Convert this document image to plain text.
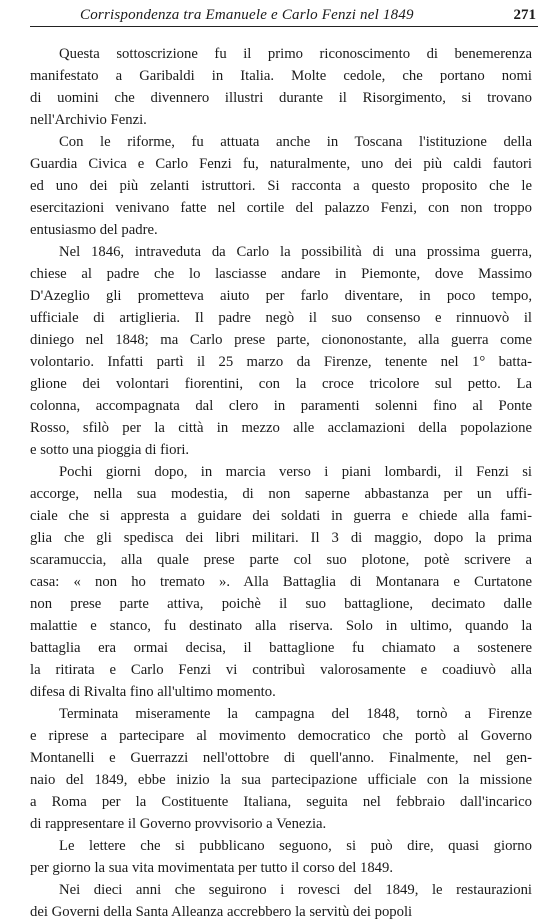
Corrispondenza tra Emanuele e Carlo Fenzi nel 1849	271
Questa sottoscrizione fu il primo riconoscimento di benemerenza
manifestato a Garibaldi in Italia. Molte cedole, che portano nomi
di uomini che divennero illustri durante il Risorgimento, si trovano
nell'Archivio Fenzi.
Con le riforme, fu attuata anche in Toscana l'istituzione della
Guardia Civica e Carlo Fenzi fu, naturalmente, uno dei più caldi fautori
ed uno dei più zelanti istruttori. Si racconta a questo proposito che le
esercitazioni venivano fatte nel cortile del palazzo Fenzi, con non troppo
entusiasmo del padre.
Nel 1846, intraveduta da Carlo la possibilità di una prossima guerra,
chiese al padre che lo lasciasse andare in Piemonte, dove Massimo
D'Azeglio gli prometteva aiuto per farlo diventare, in poco tempo,
ufficiale di artiglieria. Il padre negò il suo consenso e rinnuovò il
diniego nel 1848; ma Carlo prese parte, ciononostante, alla guerra come
volontario. Infatti partì il 25 marzo da Firenze, tenente nel 1° batta-
glione dei volontari fiorentini, con la croce tricolore sul petto. La
colonna, accompagnata dal clero in paramenti solenni fino al Ponte
Rosso, sfilò per la città in mezzo alle acclamazioni della popolazione
e sotto una pioggia di fiori.
Pochi giorni dopo, in marcia verso i piani lombardi, il Fenzi si
accorge, nella sua modestia, di non saperne abbastanza per un uffi-
ciale che si appresta a guidare dei soldati in guerra e chiede alla fami-
glia che gli spedisca dei libri militari. Il 3 di maggio, dopo la prima
scaramuccia, alla quale prese parte col suo plotone, potè scrivere a
casa: « non ho tremato ». Alla Battaglia di Montanara e Curtatone
non prese parte attiva, poichè il suo battaglione, decimato dalle
malattie e stanco, fu destinato alla riserva. Solo in ultimo, quando la
battaglia era ormai decisa, il battaglione fu chiamato a sostenere
la ritirata e Carlo Fenzi vi contribuì valorosamente e coadiuvò alla
difesa di Rivalta fino all'ultimo momento.
Terminata miseramente la campagna del 1848, tornò a Firenze
e riprese a partecipare al movimento democratico che portò al Governo
Montanelli e Guerrazzi nell'ottobre di quell'anno. Finalmente, nel gen-
naio del 1849, ebbe inizio la sua partecipazione ufficiale con la missione
a Roma per la Costituente Italiana, seguita nel febbraio dall'incarico
di rappresentare il Governo provvisorio a Venezia.
Le lettere che si pubblicano seguono, si può dire, quasi giorno
per giorno la sua vita movimentata per tutto il corso del 1849.
Nei dieci anni che seguirono i rovesci del 1849, le restaurazioni
dei Governi della Santa Alleanza accrebbero la servitù dei popoli
